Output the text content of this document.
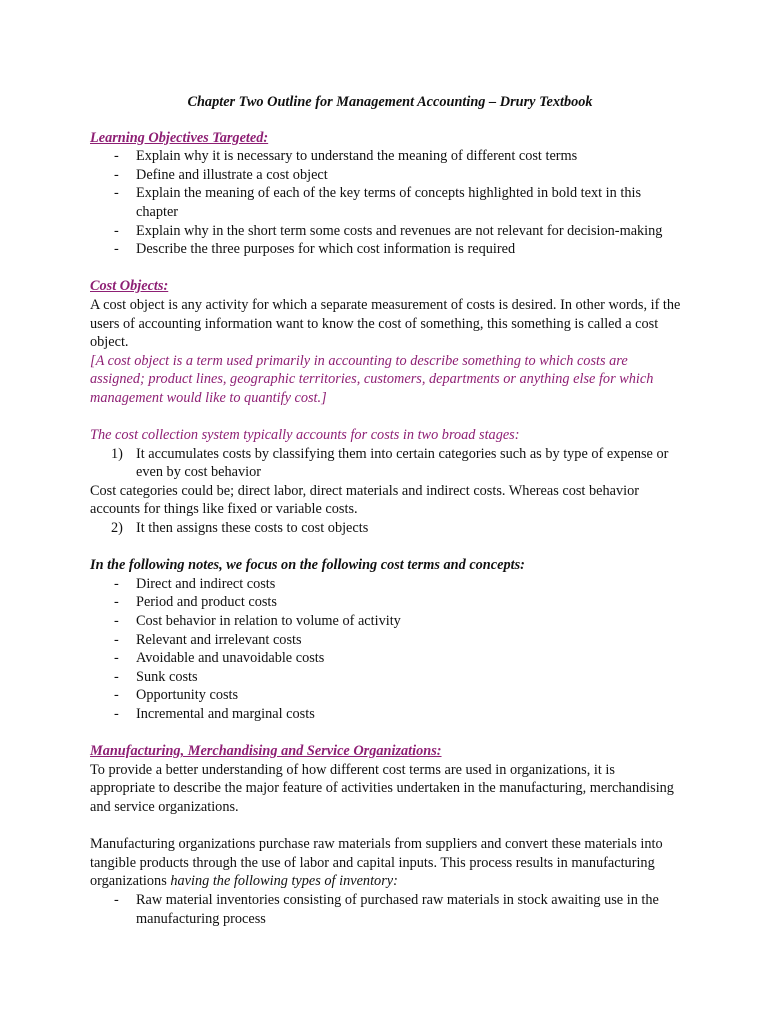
Chapter Two Outline for Management Accounting – Drury Textbook

Learning Objectives Targeted:

- Explain why it is necessary to understand the meaning of different cost terms
- Define and illustrate a cost object
- Explain the meaning of each of the key terms of concepts highlighted in bold text in this chapter
- Explain why in the short term some costs and revenues are not relevant for decision-making
- Describe the three purposes for which cost information is required

Cost Objects:

A cost object is any activity for which a separate measurement of costs is desired. In other words, if the users of accounting information want to know the cost of something, this something is called a cost object.

[A cost object is a term used primarily in accounting to describe something to which costs are assigned; product lines, geographic territories, customers, departments or anything else for which management would like to quantify cost.]

The cost collection system typically accounts for costs in two broad stages:

1) It accumulates costs by classifying them into certain categories such as by type of expense or even by cost behavior

Cost categories could be; direct labor, direct materials and indirect costs. Whereas cost behavior accounts for things like fixed or variable costs.

2) It then assigns these costs to cost objects

In the following notes, we focus on the following cost terms and concepts:

- Direct and indirect costs
- Period and product costs
- Cost behavior in relation to volume of activity
- Relevant and irrelevant costs
- Avoidable and unavoidable costs
- Sunk costs
- Opportunity costs
- Incremental and marginal costs

Manufacturing, Merchandising and Service Organizations:

To provide a better understanding of how different cost terms are used in organizations, it is appropriate to describe the major feature of activities undertaken in the manufacturing, merchandising and service organizations.

Manufacturing organizations purchase raw materials from suppliers and convert these materials into tangible products through the use of labor and capital inputs. This process results in manufacturing organizations having the following types of inventory:

- Raw material inventories consisting of purchased raw materials in stock awaiting use in the manufacturing process
